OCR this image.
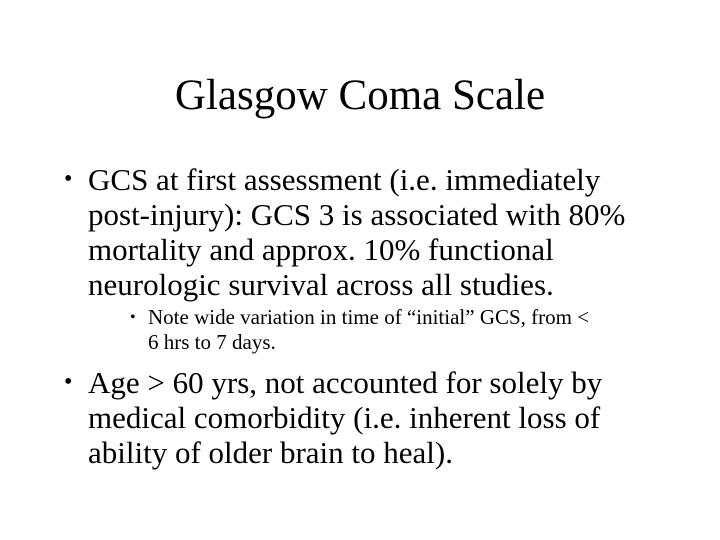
Glasgow Coma Scale
• GCS at first assessment (i.e. immediately
post-injury): GCS 3 is associated with 80%
mortality and approx. 10% functional
neurologic survival across all studies.
• Note wide variation in time of “initial” GCS, from <
6 hrs to 7 days.
• Age > 60 yrs, not accounted for solely by
medical comorbidity (i.e. inherent loss of
ability of older brain to heal).
